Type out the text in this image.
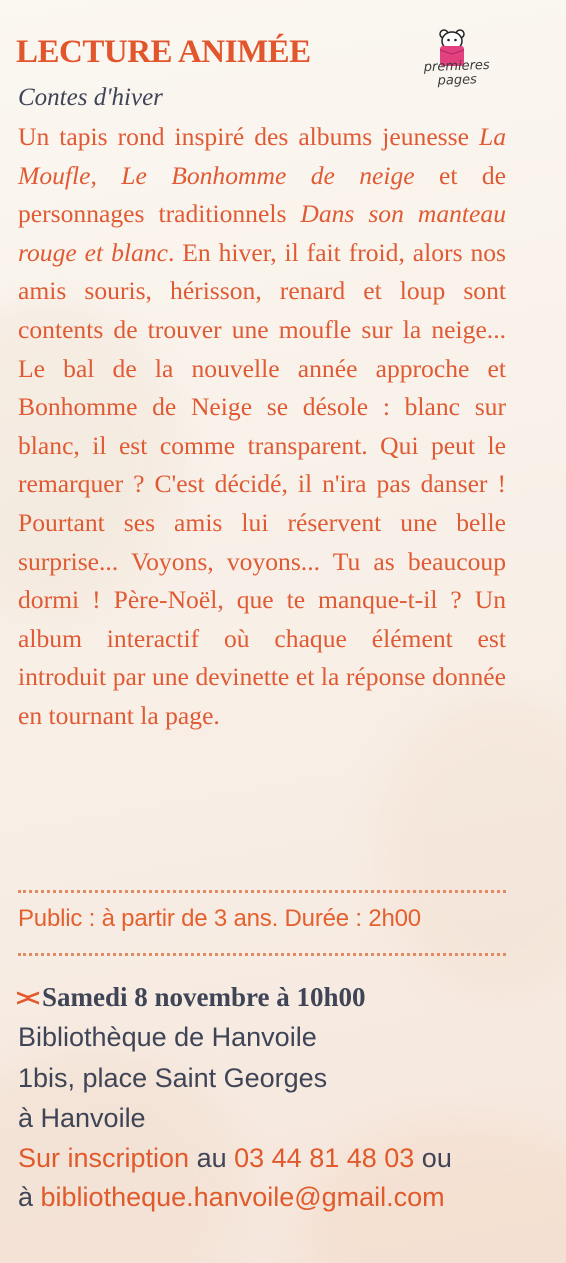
premieres
pages
LECTURE ANIMÉE
Contes d'hiver
Un tapis rond inspiré des albums jeunesse La Moufle, Le Bonhomme de neige et de personnages traditionnels Dans son manteau rouge et blanc. En hiver, il fait froid, alors nos amis souris, hérisson, renard et loup sont contents de trouver une moufle sur la neige... Le bal de la nouvelle année approche et Bonhomme de Neige se désole : blanc sur blanc, il est comme transparent. Qui peut le remarquer ? C'est décidé, il n'ira pas danser ! Pourtant ses amis lui réservent une belle surprise... Voyons, voyons... Tu as beaucoup dormi ! Père-Noël, que te manque-t-il ? Un album interactif où chaque élément est introduit par une devinette et la réponse donnée en tournant la page.
Public : à partir de 3 ans. Durée : 2h00
>< Samedi 8 novembre à 10h00
Bibliothèque de Hanvoile
1bis, place Saint Georges
à Hanvoile
Sur inscription au 03 44 81 48 03 ou
à bibliotheque.hanvoile@gmail.com
